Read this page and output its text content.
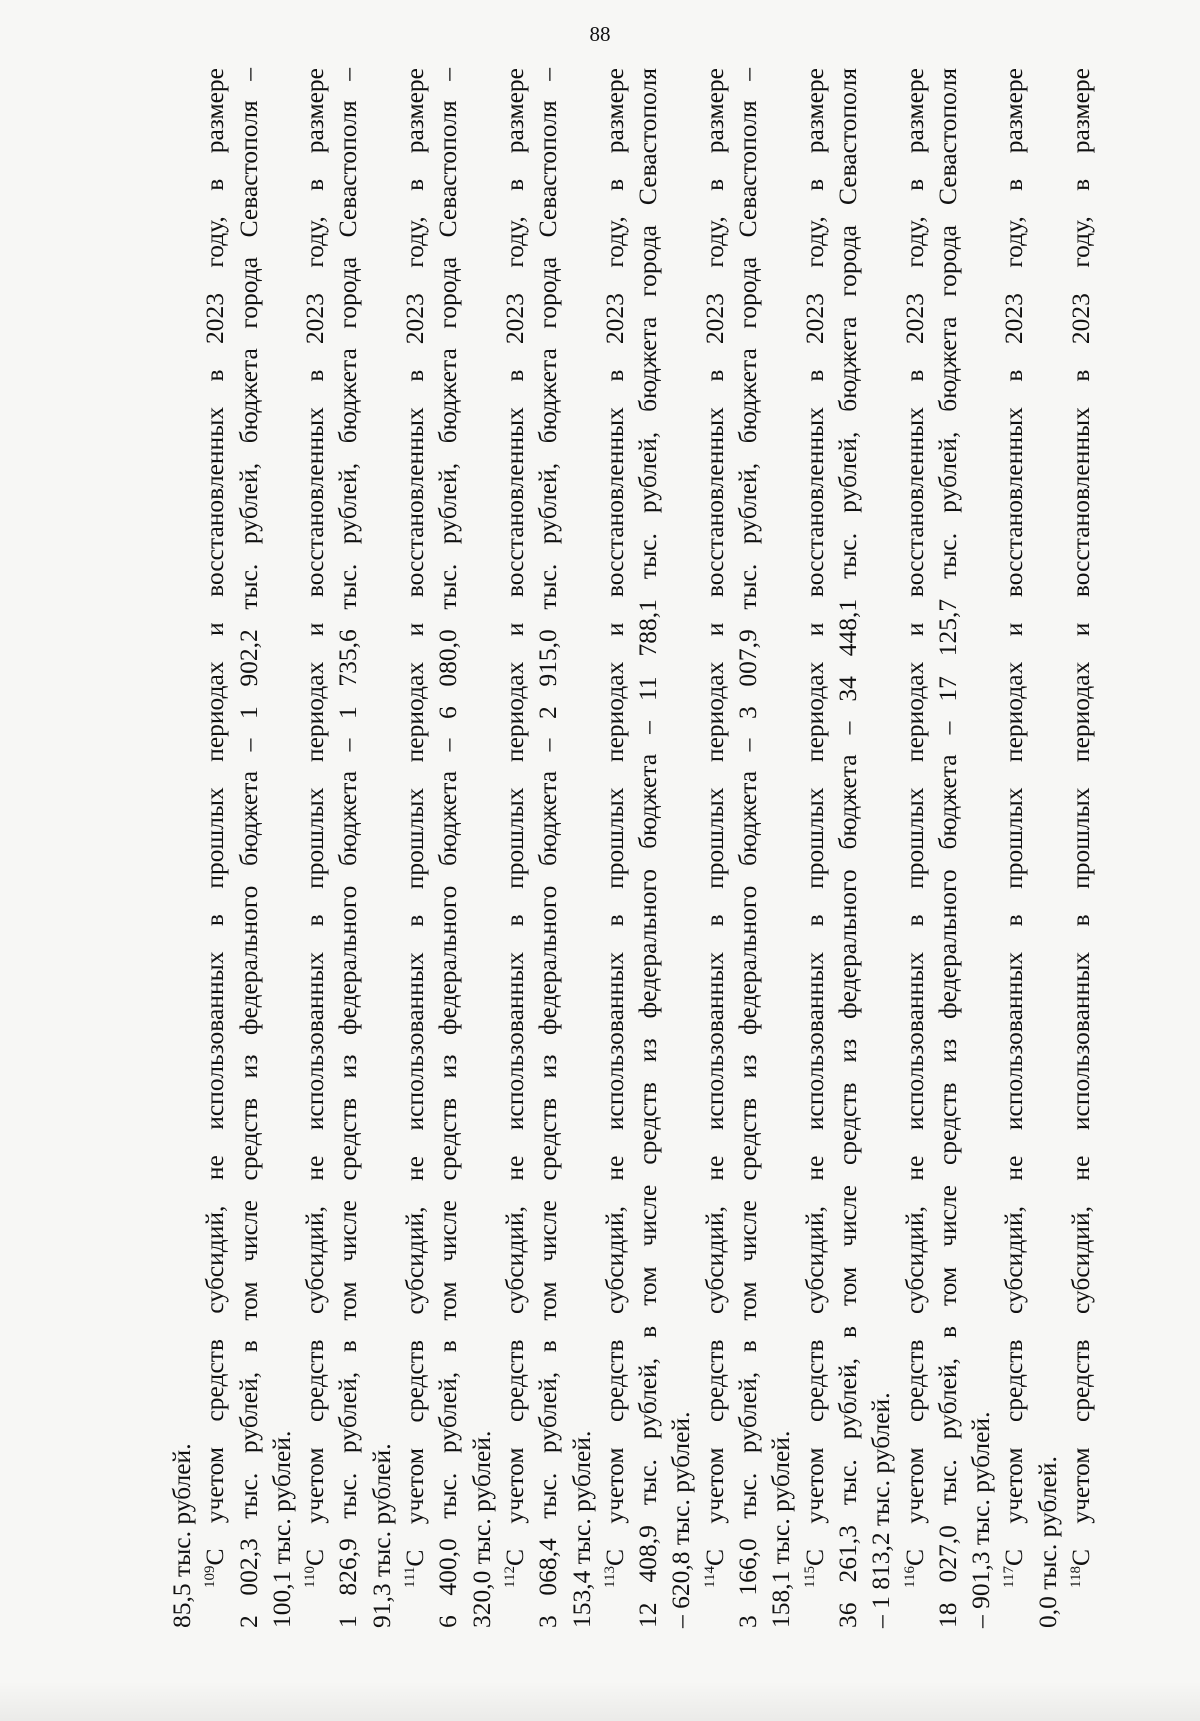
88

85,5 тыс. рублей. $^{109}$С учетом средств субсидий, не использованных в прошлых периодах и восстановленных в 2023 году, в размере 2 002,3 тыс. рублей, в том числе средств из федерального бюджета – 1 902,2 тыс. рублей, бюджета города Севастополя – 100,1 тыс. рублей. $^{110}$С учетом средств субсидий, не использованных в прошлых периодах и восстановленных в 2023 году, в размере 1 826,9 тыс. рублей, в том числе средств из федерального бюджета – 1 735,6 тыс. рублей, бюджета города Севастополя – 91,3 тыс. рублей. $^{111}$С учетом средств субсидий, не использованных в прошлых периодах и восстановленных в 2023 году, в размере 6 400,0 тыс. рублей, в том числе средств из федерального бюджета – 6 080,0 тыс. рублей, бюджета города Севастополя – 320,0 тыс. рублей. $^{112}$С учетом средств субсидий, не использованных в прошлых периодах и восстановленных в 2023 году, в размере 3 068,4 тыс. рублей, в том числе средств из федерального бюджета – 2 915,0 тыс. рублей, бюджета города Севастополя – 153,4 тыс. рублей. $^{113}$С учетом средств субсидий, не использованных в прошлых периодах и восстановленных в 2023 году, в размере 12 408,9 тыс. рублей, в том числе средств из федерального бюджета – 11 788,1 тыс. рублей, бюджета города Севастополя – 620,8 тыс. рублей. $^{114}$С учетом средств субсидий, не использованных в прошлых периодах и восстановленных в 2023 году, в размере 3 166,0 тыс. рублей, в том числе средств из федерального бюджета – 3 007,9 тыс. рублей, бюджета города Севастополя – 158,1 тыс. рублей. $^{115}$С учетом средств субсидий, не использованных в прошлых периодах и восстановленных в 2023 году, в размере 36 261,3 тыс. рублей, в том числе средств из федерального бюджета – 34 448,1 тыс. рублей, бюджета города Севастополя – 1 813,2 тыс. рублей. $^{116}$С учетом средств субсидий, не использованных в прошлых периодах и восстановленных в 2023 году, в размере 18 027,0 тыс. рублей, в том числе средств из федерального бюджета – 17 125,7 тыс. рублей, бюджета города Севастополя – 901,3 тыс. рублей. $^{117}$С учетом средств субсидий, не использованных в прошлых периодах и восстановленных в 2023 году, в размере 0,0 тыс. рублей. $^{118}$С учетом средств субсидий, не использованных в прошлых периодах и восстановленных в 2023 году, в размере
